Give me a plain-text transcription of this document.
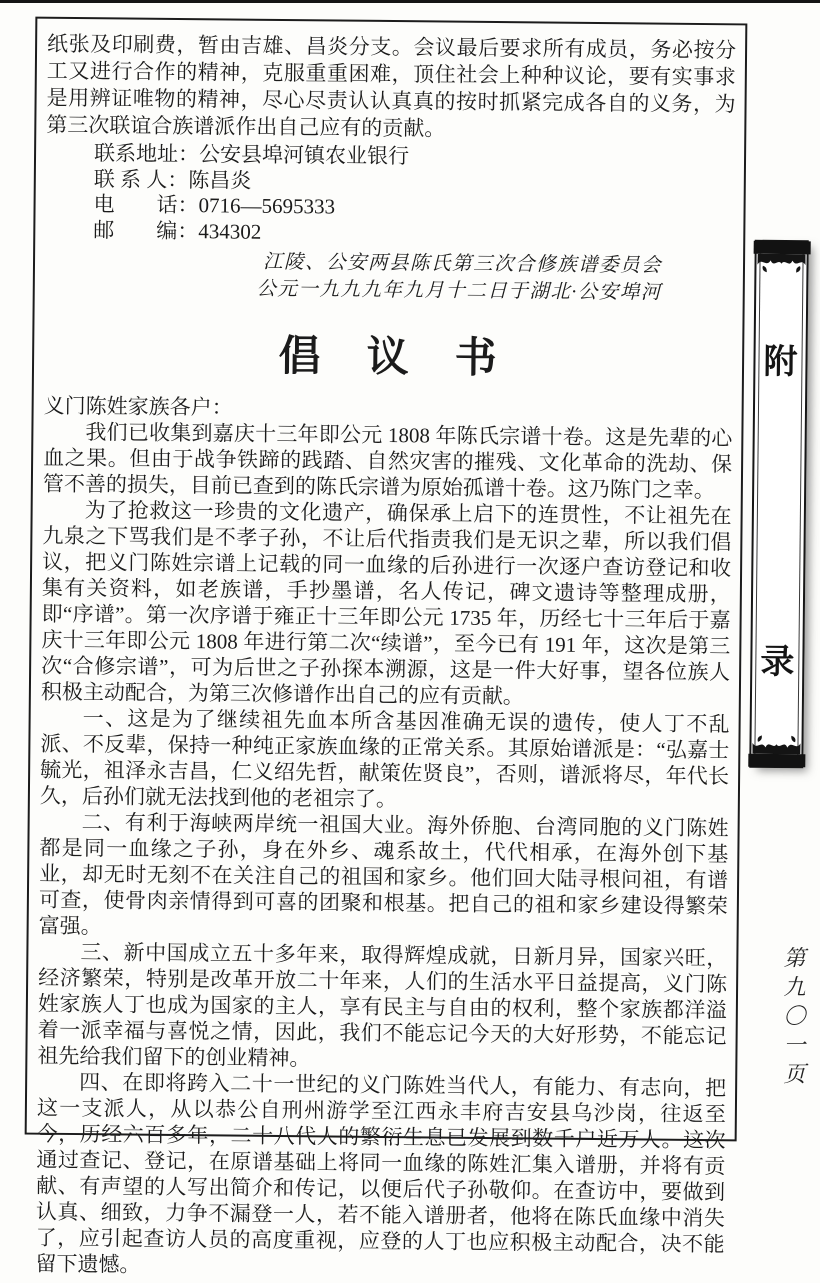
纸张及印刷费，暂由吉雄、昌炎分支。会议最后要求所有成员，务必按分工又进行合作的精神，克服重重困难，顶住社会上种种议论，要有实事求是用辨证唯物的精神，尽心尽责认认真真的按时抓紧完成各自的义务，为第三次联谊合族谱派作出自己应有的贡献。

联系地址：公安县埠河镇农业银行
联 系 人：陈昌炎
电　　话：0716—5695333
邮　　编：434302
江陵、公安两县陈氏第三次合修族谱委员会
公元一九九九年九月十二日于湖北·公安埠河
倡　议　书

义门陈姓家族各户：

我们已收集到嘉庆十三年即公元 1808 年陈氏宗谱十卷。这是先辈的心血之果。但由于战争铁蹄的践踏、自然灾害的摧残、文化革命的洗劫、保管不善的损失，目前已查到的陈氏宗谱为原始孤谱十卷。这乃陈门之幸。

为了抢救这一珍贵的文化遗产，确保承上启下的连贯性，不让祖先在九泉之下骂我们是不孝子孙，不让后代指责我们是无识之辈，所以我们倡议，把义门陈姓宗谱上记载的同一血缘的后孙进行一次逐户查访登记和收集有关资料，如老族谱，手抄墨谱，名人传记，碑文遗诗等整理成册，即“序谱”。第一次序谱于雍正十三年即公元 1735 年，历经七十三年后于嘉庆十三年即公元 1808 年进行第二次“续谱”，至今已有 191 年，这次是第三次“合修宗谱”，可为后世之子孙探本溯源，这是一件大好事，望各位族人积极主动配合，为第三次修谱作出自己的应有贡献。

一、这是为了继续祖先血本所含基因准确无误的遗传，使人丁不乱派、不反辈，保持一种纯正家族血缘的正常关系。其原始谱派是：“弘嘉士毓光，祖泽永吉昌，仁义绍先哲，献策佐贤良”，否则，谱派将尽，年代长久，后孙们就无法找到他的老祖宗了。

二、有利于海峡两岸统一祖国大业。海外侨胞、台湾同胞的义门陈姓都是同一血缘之子孙，身在外乡、魂系故土，代代相承，在海外创下基业，却无时无刻不在关注自己的祖国和家乡。他们回大陆寻根问祖，有谱可查，使骨肉亲情得到可喜的团聚和根基。把自己的祖和家乡建设得繁荣富强。

三、新中国成立五十多年来，取得辉煌成就，日新月异，国家兴旺，经济繁荣，特别是改革开放二十年来，人们的生活水平日益提高，义门陈姓家族人丁也成为国家的主人，享有民主与自由的权利，整个家族都洋溢着一派幸福与喜悦之情，因此，我们不能忘记今天的大好形势，不能忘记祖先给我们留下的创业精神。

四、在即将跨入二十一世纪的义门陈姓当代人，有能力、有志向，把这一支派人，从以恭公自刑州游学至江西永丰府吉安县乌沙岗，往返至今，历经六百多年，二十八代人的繁衍生息已发展到数千户近万人。这次通过查记、登记，在原谱基础上将同一血缘的陈姓汇集入谱册，并将有贡献、有声望的人写出简介和传记，以便后代子孙敬仰。在查访中，要做到认真、细致，力争不漏登一人，若不能入谱册者，他将在陈氏血缘中消失了，应引起查访人员的高度重视，应登的人丁也应积极主动配合，决不能留下遗憾。

附
录
第九〇一页
